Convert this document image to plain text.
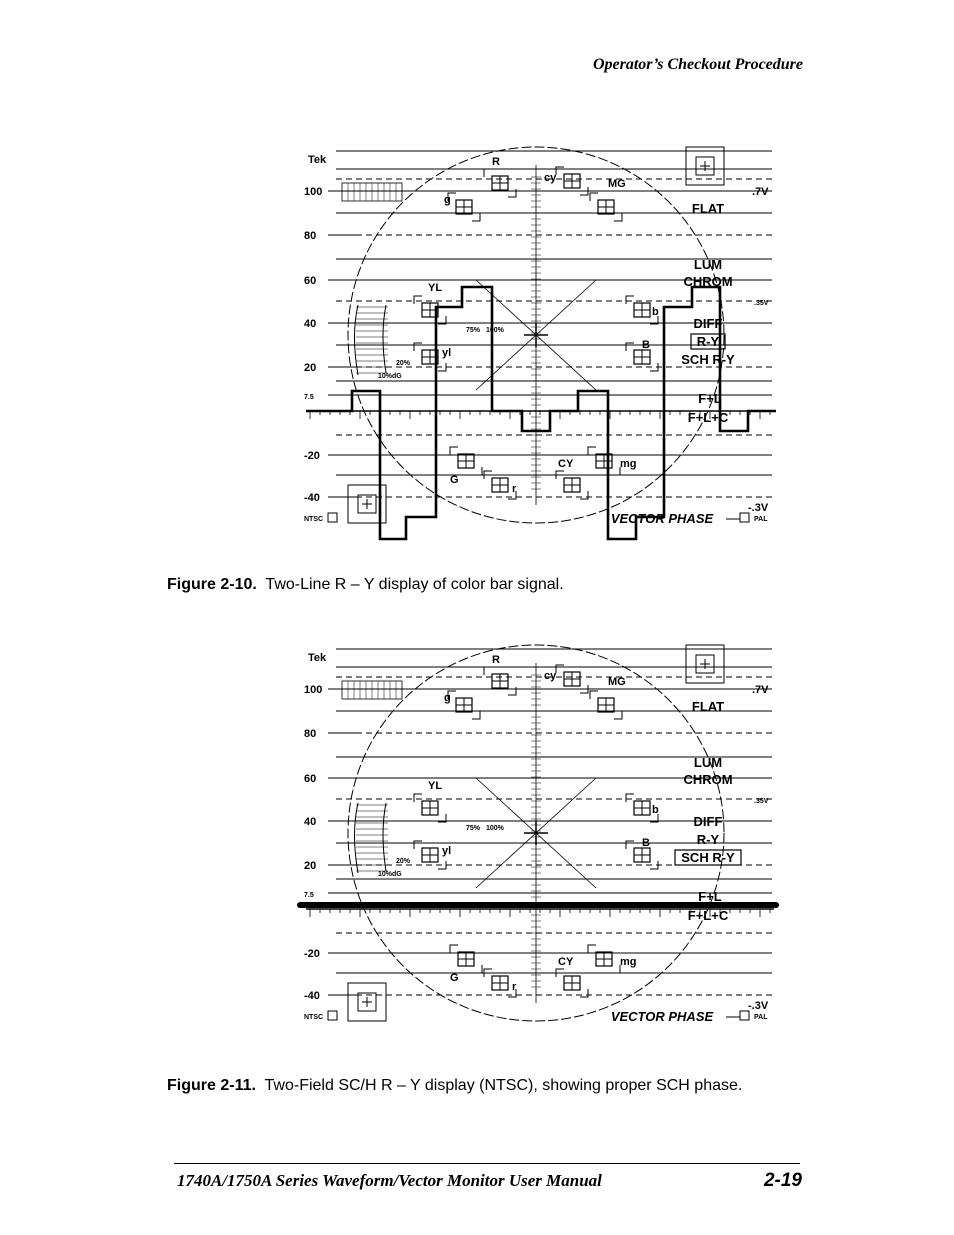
Operator’s Checkout Procedure
Tek
100
80
60
40
20
7.5
-20
-40
20%
10%dG
75% 100%
R
cy	MG
g
YL
yl
b
B
G
CY	mg
r
.7V
.35V
-.3V
NTSC	PAL
FLAT
LUM
CHROM
DIFF
R-Y
SCH R-Y
F+L
F+L+C
VECTOR PHASE
Figure 2-10. Two-Line R – Y display of color bar signal.
Tek
100
80
60
40
20
7.5
-20
-40
20%
10%dG
75% 100%
R
cy	MG
g
YL
yl
b
B
G
CY	mg
r
.7V
.35V
-.3V
NTSC	PAL
FLAT
LUM
CHROM
DIFF
R-Y
SCH R-Y
F+L
F+L+C
VECTOR PHASE
Figure 2-11. Two-Field SC/H R – Y display (NTSC), showing proper SCH phase.
1740A/1750A Series Waveform/Vector Monitor User Manual	2-19
